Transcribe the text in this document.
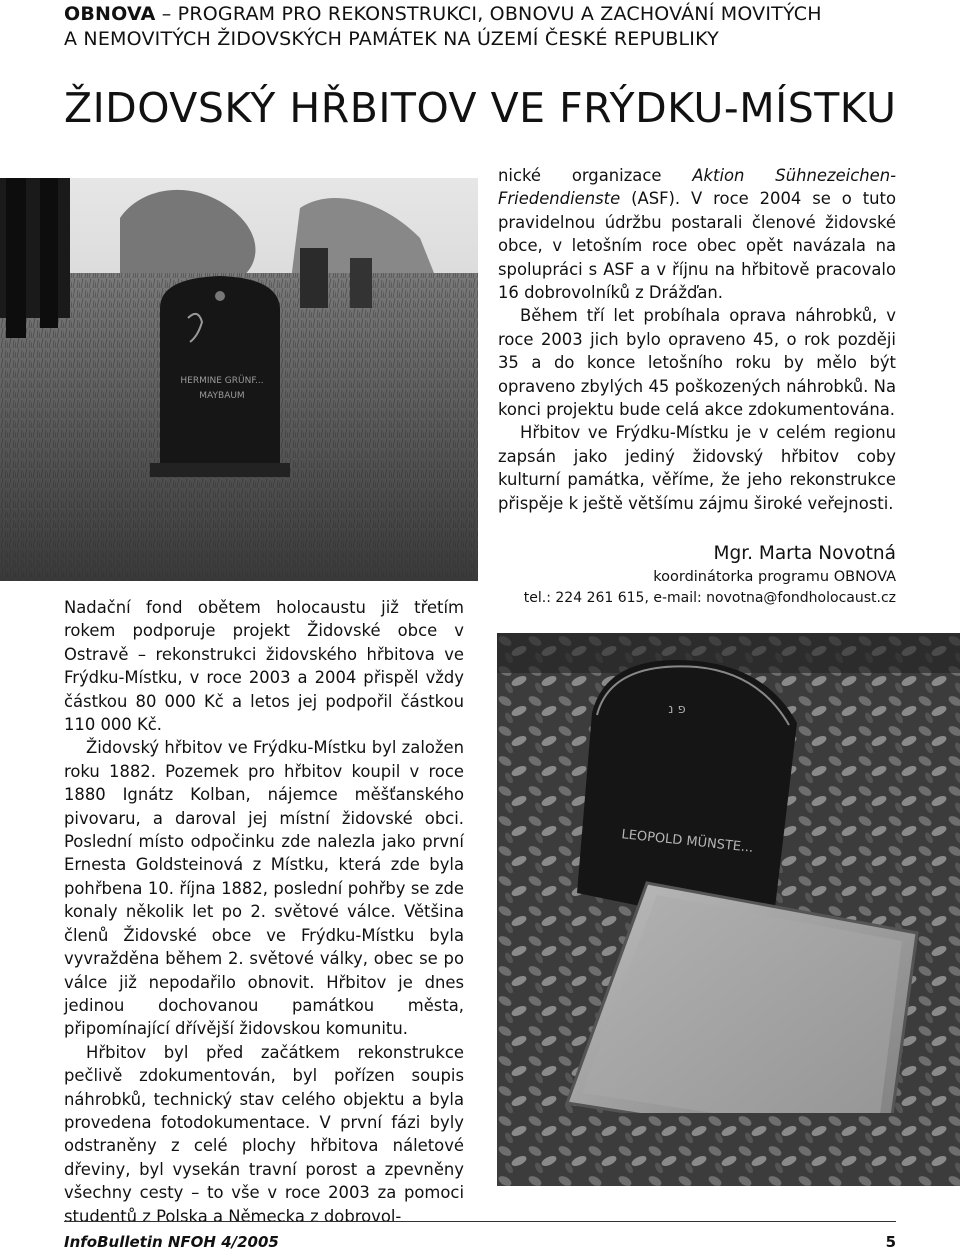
OBNOVA – PROGRAM PRO REKONSTRUKCI, OBNOVU A ZACHOVÁNÍ MOVITÝCH
A NEMOVITÝCH ŽIDOVSKÝCH PAMÁTEK NA ÚZEMÍ ČESKÉ REPUBLIKY
ŽIDOVSKÝ HŘBITOV VE FRÝDKU-MÍSTKU
HERMINE GRÜNF...
MAYBAUM

nické organizace Aktion Sühnezeichen-Friedendienste (ASF). V roce 2004 se o tuto pravidelnou údržbu postarali členové židovské obce, v letošním roce obec opět navázala na spolupráci s ASF a v říjnu na hřbitově pracovalo 16 dobrovolníků z Drážďan.

Během tří let probíhala oprava náhrobků, v roce 2003 jich bylo opraveno 45, o rok později 35 a do konce letošního roku by mělo být opraveno zbylých 45 poškozených náhrobků. Na konci projektu bude celá akce zdokumentována.

Hřbitov ve Frýdku-Místku je v celém regionu zapsán jako jediný židovský hřbitov coby kulturní památka, věříme, že jeho rekonstrukce přispěje k ještě většímu zájmu široké veřejnosti.

Mgr. Marta Novotná
koordinátorka programu OBNOVA
tel.: 224 261 615, e-mail: novotna@fondholocaust.cz

Nadační fond obětem holocaustu již třetím rokem podporuje projekt Židovské obce v Ostravě – rekonstrukci židovského hřbitova ve Frýdku-Místku, v roce 2003 a 2004 přispěl vždy částkou 80 000 Kč a letos jej podpořil částkou 110 000 Kč.

Židovský hřbitov ve Frýdku-Místku byl založen roku 1882. Pozemek pro hřbitov koupil v roce 1880 Ignátz Kolban, nájemce měšťanského pivovaru, a daroval jej místní židovské obci. Poslední místo odpočinku zde nalezla jako první Ernesta Goldsteinová z Místku, která zde byla pohřbena 10. října 1882, poslední pohřby se zde konaly několik let po 2. světové válce. Většina členů Židovské obce ve Frýdku-Místku byla vyvražděna během 2. světové války, obec se po válce již nepodařilo obnovit. Hřbitov je dnes jedinou dochovanou památkou města, připomínající dřívější židovskou komunitu.

Hřbitov byl před začátkem rekonstrukce pečlivě zdokumentován, byl pořízen soupis náhrobků, technický stav celého objektu a byla provedena fotodokumentace. V první fázi byly odstraněny z celé plochy hřbitova náletové dřeviny, byl vysekán travní porost a zpevněny všechny cesty – to vše v roce 2003 za pomoci studentů z Polska a Německa z dobrovol-

פ נ
LEOPOLD MÜNSTE...
InfoBulletin NFOH 4/2005	5
